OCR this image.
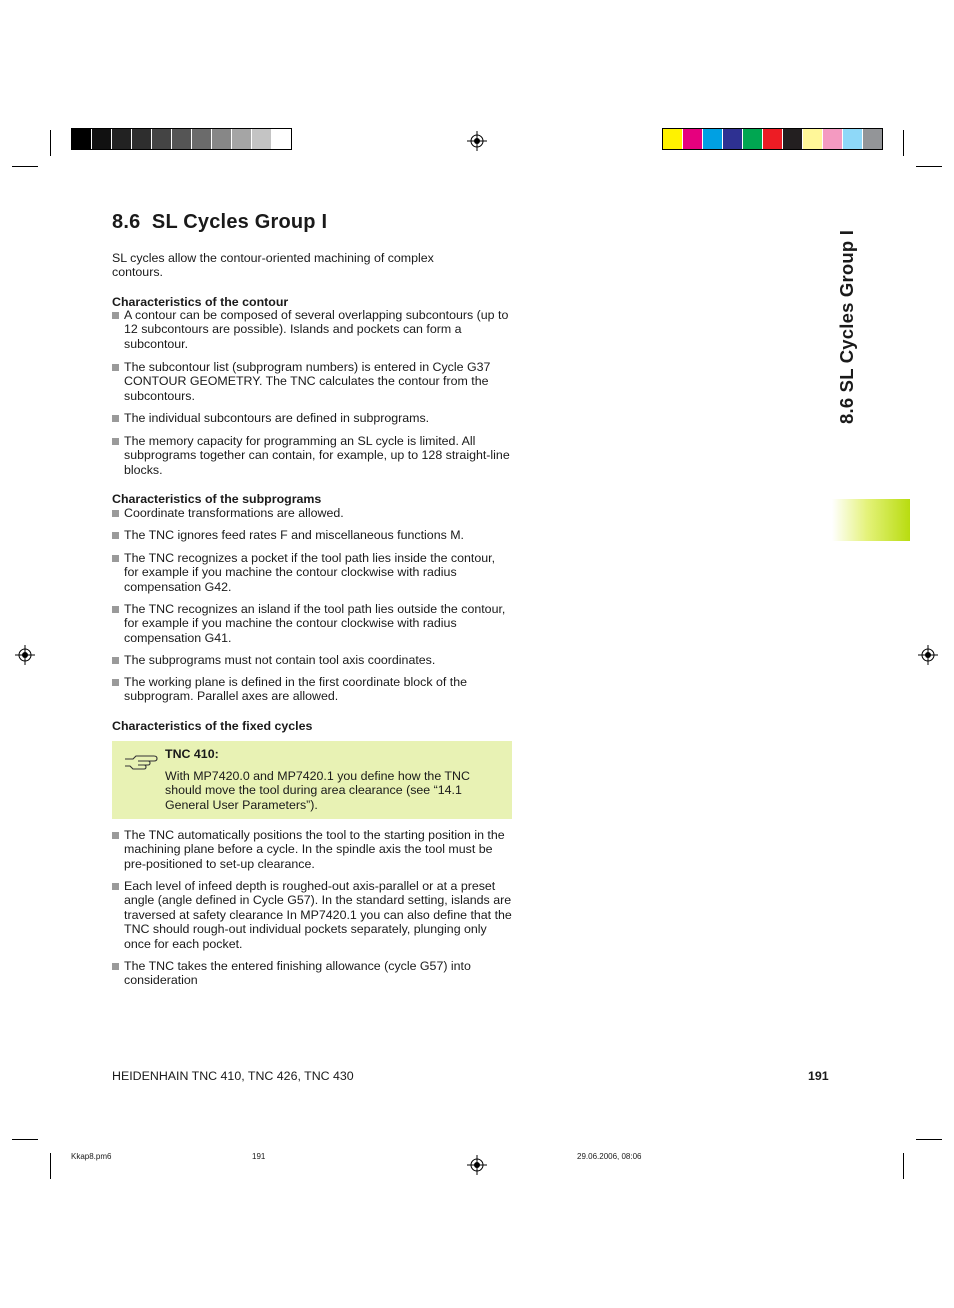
8.6  SL Cycles Group I
SL cycles allow the contour-oriented machining of complex contours.
Characteristics of the contour
A contour can be composed of several overlapping subcontours (up to 12 subcontours are possible). Islands and pockets can form a subcontour.
The subcontour list (subprogram numbers) is entered in Cycle G37 CONTOUR GEOMETRY. The TNC calculates the contour from the subcontours.
The individual subcontours are defined in subprograms.
The memory capacity for programming an SL cycle is limited. All subprograms together can contain, for example, up to 128 straight-line blocks.
Characteristics of the subprograms
Coordinate transformations are allowed.
The TNC ignores feed rates F and miscellaneous functions M.
The TNC recognizes a pocket if the tool path lies inside the contour, for example if you machine the contour clockwise with radius compensation G42.
The TNC recognizes an island if the tool path lies outside the contour, for example if you machine the contour clockwise with radius compensation G41.
The subprograms must not contain tool axis coordinates.
The working plane is defined in the first coordinate block of the subprogram. Parallel axes are allowed.
Characteristics of the fixed cycles
TNC 410:
With MP7420.0 and MP7420.1 you define how the TNC should move the tool during area clearance (see “14.1 General User Parameters”).
The TNC automatically positions the tool to the starting position in the machining plane before a cycle. In the spindle axis the tool must be pre-positioned to set-up clearance.
Each level of infeed depth is roughed-out axis-parallel or at a preset angle (angle defined in Cycle G57). In the standard setting, islands are traversed at safety clearance In MP7420.1 you can also define that the TNC should rough-out individual pockets separately, plunging only once for each pocket.
The TNC takes the entered finishing allowance (cycle G57) into consideration
8.6 SL Cycles Group I
HEIDENHAIN TNC 410, TNC 426, TNC 430	191
Kkap8.pm6	191	29.06.2006, 08:06
